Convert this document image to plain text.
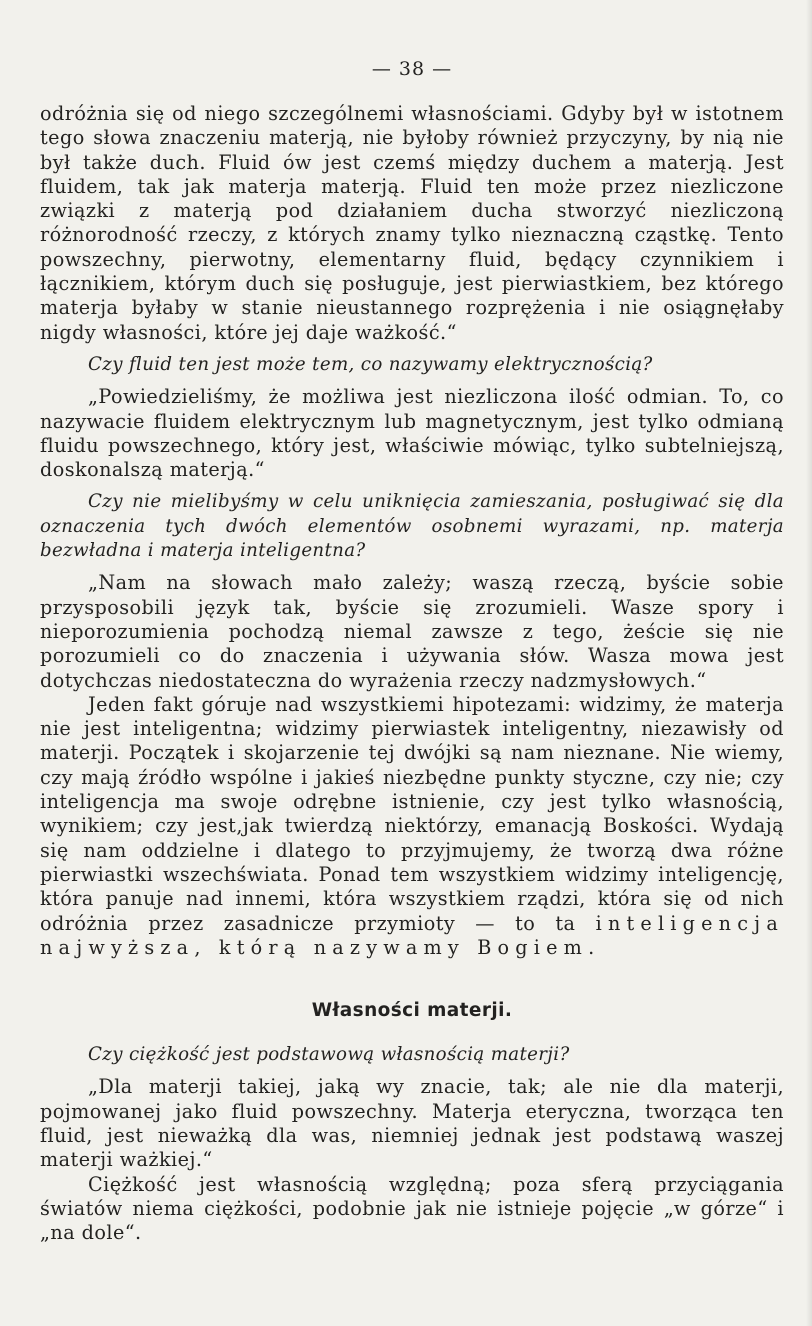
— 38 —

odróżnia się od niego szczególnemi własnościami. Gdyby był w istotnem tego słowa znaczeniu materją, nie byłoby również przyczyny, by nią nie był także duch. Fluid ów jest czemś między duchem a materją. Jest fluidem, tak jak materja materją. Fluid ten może przez niezliczone związki z materją pod działaniem ducha stworzyć niezliczoną różnorodność rzeczy, z których znamy tylko nieznaczną cząstkę. Tento powszechny, pierwotny, elementarny fluid, będący czynnikiem i łącznikiem, którym duch się posługuje, jest pierwiastkiem, bez którego materja byłaby w stanie nieustannego rozprężenia i nie osiągnęłaby nigdy własności, które jej daje ważkość.“

Czy fluid ten jest może tem, co nazywamy elektrycznością?

„Powiedzieliśmy, że możliwa jest niezliczona ilość odmian. To, co nazywacie fluidem elektrycznym lub magnetycznym, jest tylko odmianą fluidu powszechnego, który jest, właściwie mówiąc, tylko subtelniejszą, doskonalszą materją.“

Czy nie mielibyśmy w celu uniknięcia zamieszania, posługiwać się dla oznaczenia tych dwóch elementów osobnemi wyrazami, np. materja bezwładna i materja inteligentna?

„Nam na słowach mało zależy; waszą rzeczą, byście sobie przysposobili język tak, byście się zrozumieli. Wasze spory i nieporozumienia pochodzą niemal zawsze z tego, żeście się nie porozumieli co do znaczenia i używania słów. Wasza mowa jest dotychczas niedostateczna do wyrażenia rzeczy nadzmysłowych.“

Jeden fakt góruje nad wszystkiemi hipotezami: widzimy, że materja nie jest inteligentna; widzimy pierwiastek inteligentny, niezawisły od materji. Początek i skojarzenie tej dwójki są nam nieznane. Nie wiemy, czy mają źródło wspólne i jakieś niezbędne punkty styczne, czy nie; czy inteligencja ma swoje odrębne istnienie, czy jest tylko własnością, wynikiem; czy jest,jak twierdzą niektórzy, emanacją Boskości. Wydają się nam oddzielne i dlatego to przyjmujemy, że tworzą dwa różne pierwiastki wszechświata. Ponad tem wszystkiem widzimy inteligencję, która panuje nad innemi, która wszystkiem rządzi, która się od nich odróżnia przez zasadnicze przymioty — to ta inteligencja najwyższa, którą nazywamy Bogiem.

Własności materji.

Czy ciężkość jest podstawową własnością materji?

„Dla materji takiej, jaką wy znacie, tak; ale nie dla materji, pojmowanej jako fluid powszechny. Materja eteryczna, tworząca ten fluid, jest nieważką dla was, niemniej jednak jest podstawą waszej materji ważkiej.“

Ciężkość jest własnością względną; poza sferą przyciągania światów niema ciężkości, podobnie jak nie istnieje pojęcie „w górze“ i „na dole“.
